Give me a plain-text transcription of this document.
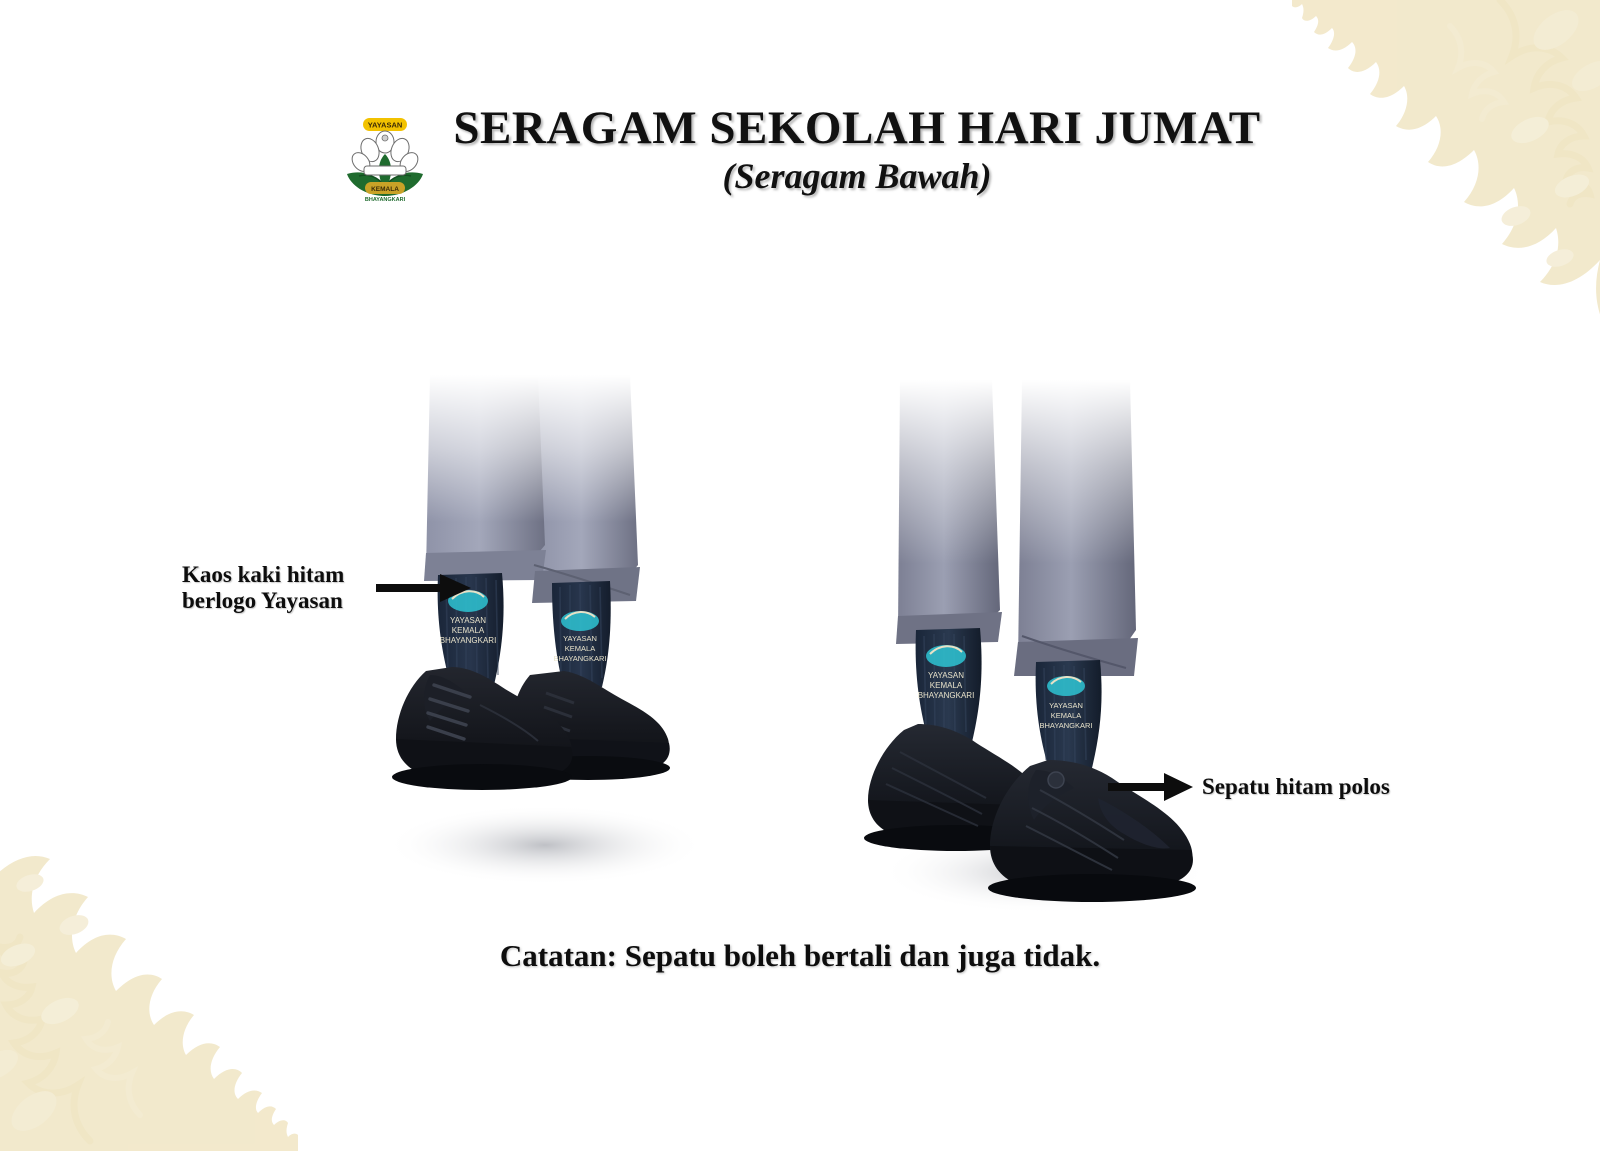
KEMALA
YAYASAN
BHAYANGKARI
SERAGAM SEKOLAH HARI JUMAT
(Seragam Bawah)
YAYASAN
KEMALA
BHAYANGKARI	YAYASAN
KEMALA
BHAYANGKARI
YAYASAN
KEMALA
BHAYANGKARI
YAYASAN
KEMALA
BHAYANGKARI
Kaos kaki hitam
berlogo Yayasan
Sepatu hitam polos
Catatan: Sepatu boleh bertali dan juga tidak.
